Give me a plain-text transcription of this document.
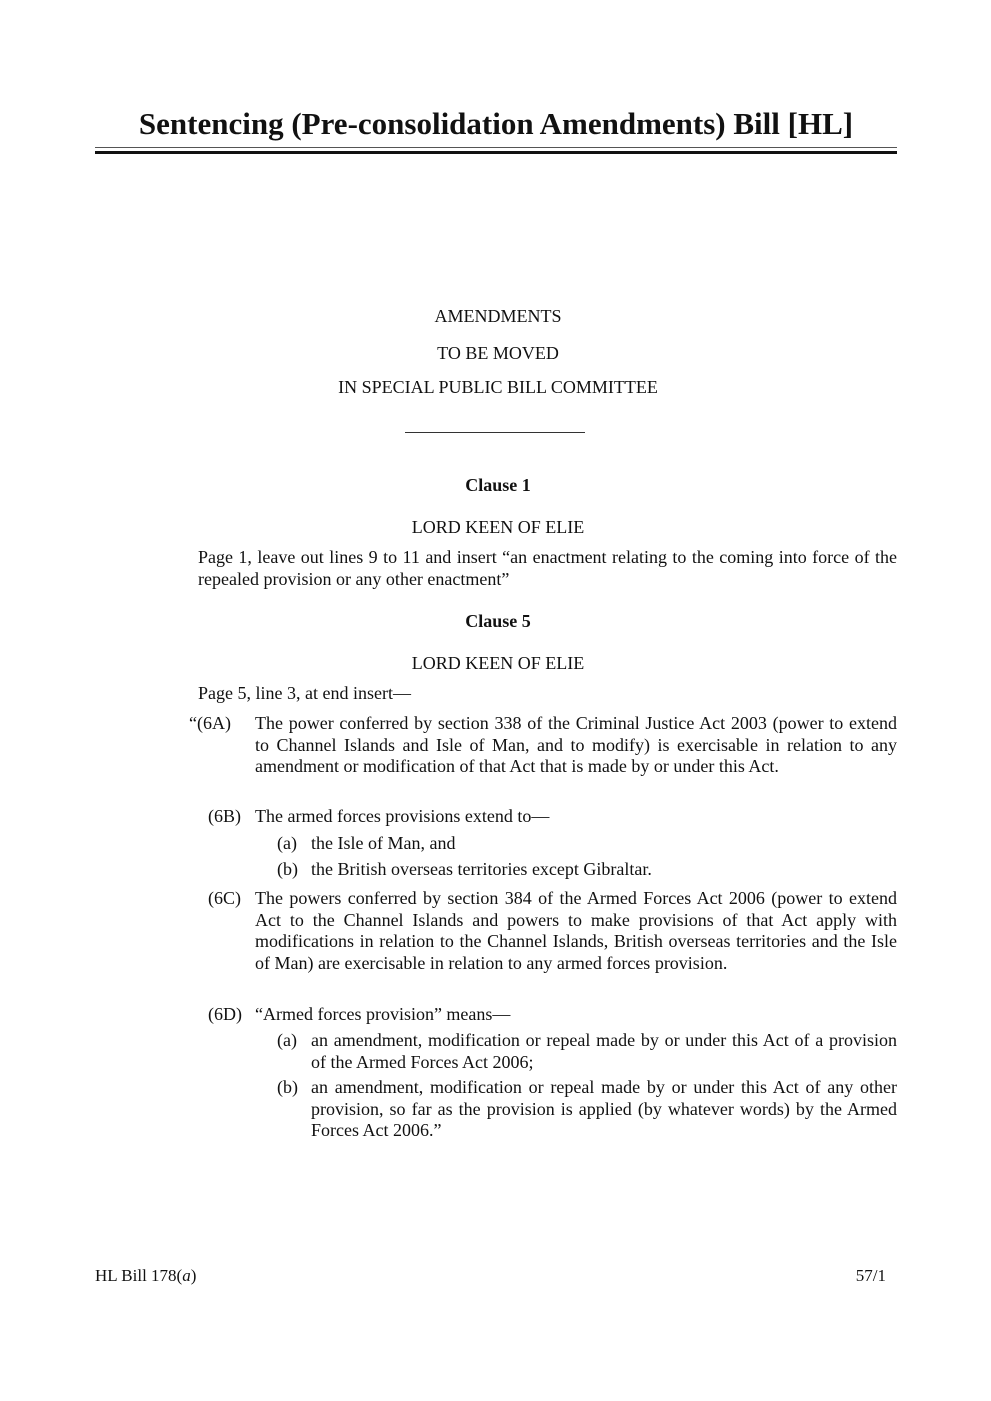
Sentencing (Pre-consolidation Amendments) Bill [HL]
AMENDMENTS
TO BE MOVED
IN SPECIAL PUBLIC BILL COMMITTEE
Clause 1
LORD KEEN OF ELIE
Page 1, leave out lines 9 to 11 and insert “an enactment relating to the coming into force of the repealed provision or any other enactment”
Clause 5
LORD KEEN OF ELIE
Page 5, line 3, at end insert—
“(6A)	The power conferred by section 338 of the Criminal Justice Act 2003 (power to extend to Channel Islands and Isle of Man, and to modify) is exercisable in relation to any amendment or modification of that Act that is made by or under this Act.
(6B) The armed forces provisions extend to—
(a) the Isle of Man, and
(b) the British overseas territories except Gibraltar.
(6C) The powers conferred by section 384 of the Armed Forces Act 2006 (power to extend Act to the Channel Islands and powers to make provisions of that Act apply with modifications in relation to the Channel Islands, British overseas territories and the Isle of Man) are exercisable in relation to any armed forces provision.
(6D) “Armed forces provision” means—
(a) an amendment, modification or repeal made by or under this Act of a provision of the Armed Forces Act 2006;
(b) an amendment, modification or repeal made by or under this Act of any other provision, so far as the provision is applied (by whatever words) by the Armed Forces Act 2006.”
HL Bill 178(a)	57/1
